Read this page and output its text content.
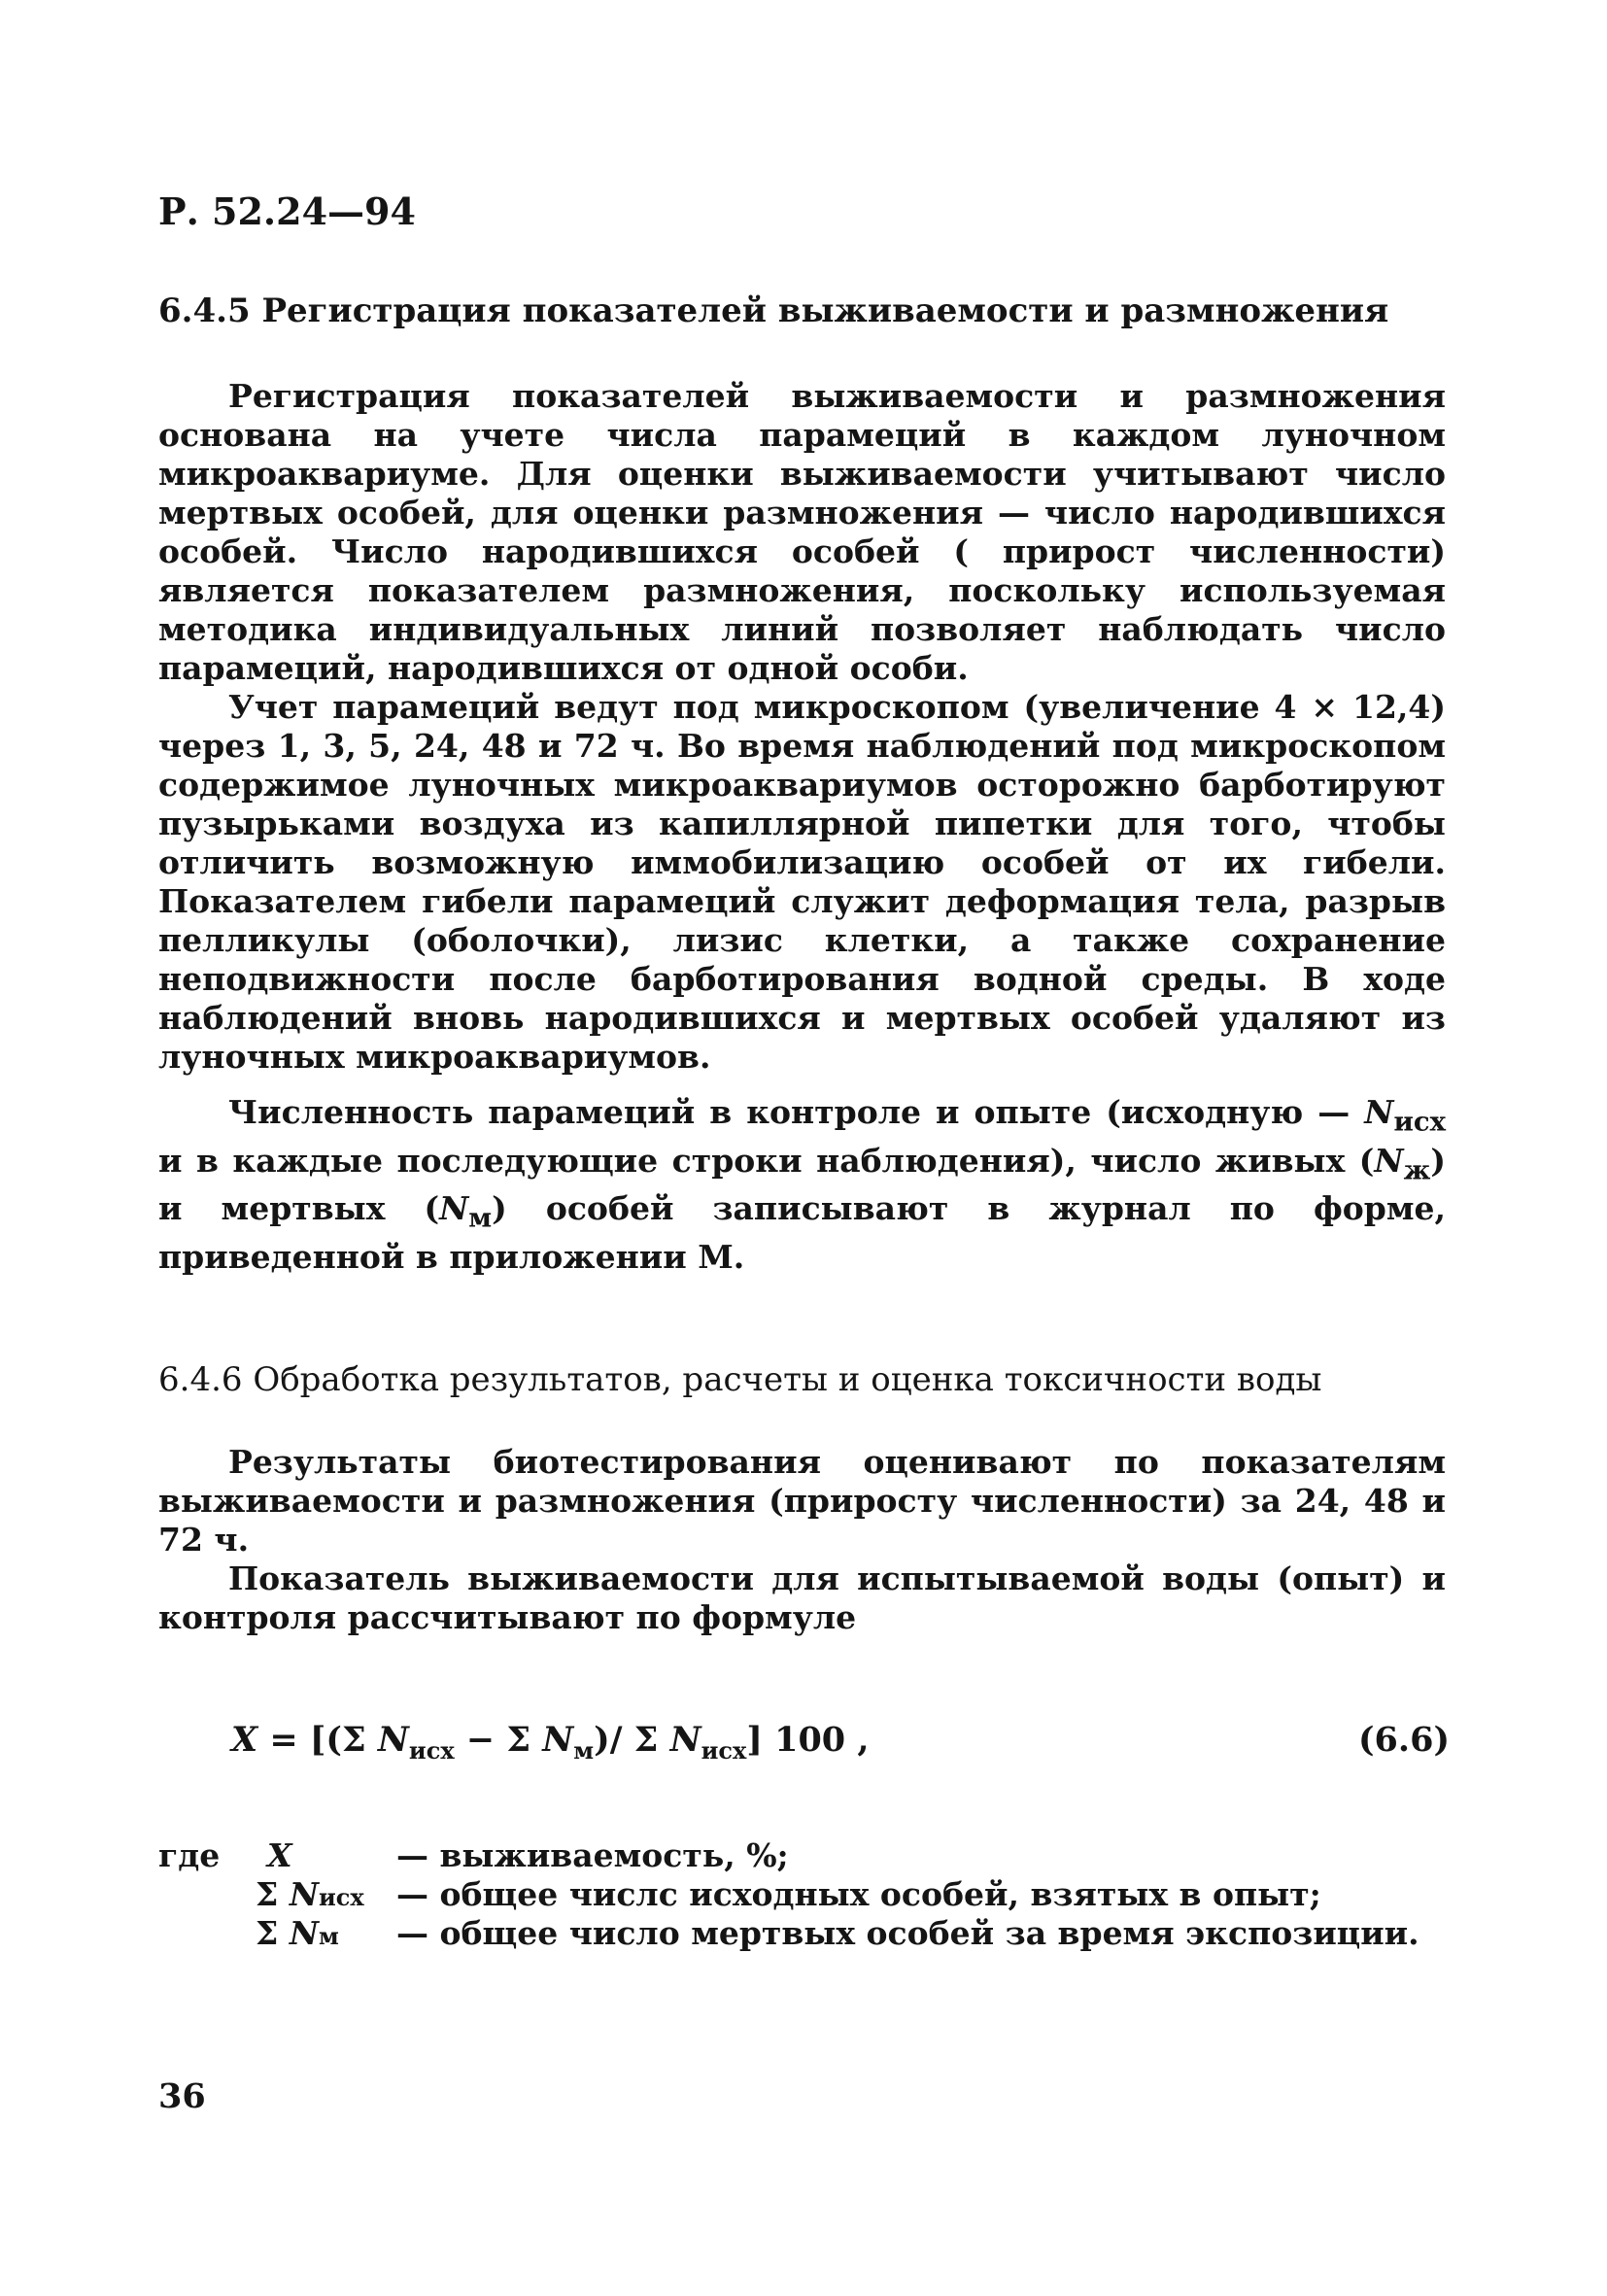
Р. 52.24—94
6.4.5 Регистрация показателей выживаемости и размножения

Регистрация показателей выживаемости и размножения основана на учете числа парамеций в каждом луночном микроаквариуме. Для оценки выживаемости учитывают число мертвых особей, для оценки размножения — число народившихся особей. Число народившихся особей ( прирост численности) является показателем размножения, поскольку используемая методика индивидуальных линий позволяет наблюдать число парамеций, народившихся от одной особи.

Учет парамеций ведут под микроскопом (увеличение 4 × 12,4) через 1, 3, 5, 24, 48 и 72 ч. Во время наблюдений под микроскопом содержимое луночных микроаквариумов осторожно барботируют пузырьками воздуха из капиллярной пипетки для того, чтобы отличить возможную иммобилизацию особей от их гибели. Показателем гибели парамеций служит деформация тела, разрыв пелликулы (оболочки), лизис клетки, а также сохранение неподвижности после барботирования водной среды. В ходе наблюдений вновь народившихся и мертвых особей удаляют из луночных микроаквариумов.

Численность парамеций в контроле и опыте (исходную — $N_{исх}$ и в каждые последующие строки наблюдения), число живых $(N_ж)$ и мертвых $(N_м)$ особей записывают в журнал по форме, приведенной в приложении М.

6.4.6 Обработка результатов, расчеты и оценка токсичности воды

Результаты биотестирования оценивают по показателям выживаемости и размножения (приросту численности) за 24, 48 и 72 ч.

Показатель выживаемости для испытываемой воды (опыт) и контроля рассчитывают по формуле

X = [(Σ $N_{исх} - \Sigma$ $N_м)/$ Σ $N_{исх}$] 100 ,	(6.6)
где X	— выживаемость, %;
Σ Nисх — общее числс исходных особей, взятых в опыт;
Σ Nм — общее число мертвых особей за время экспозиции.
36
